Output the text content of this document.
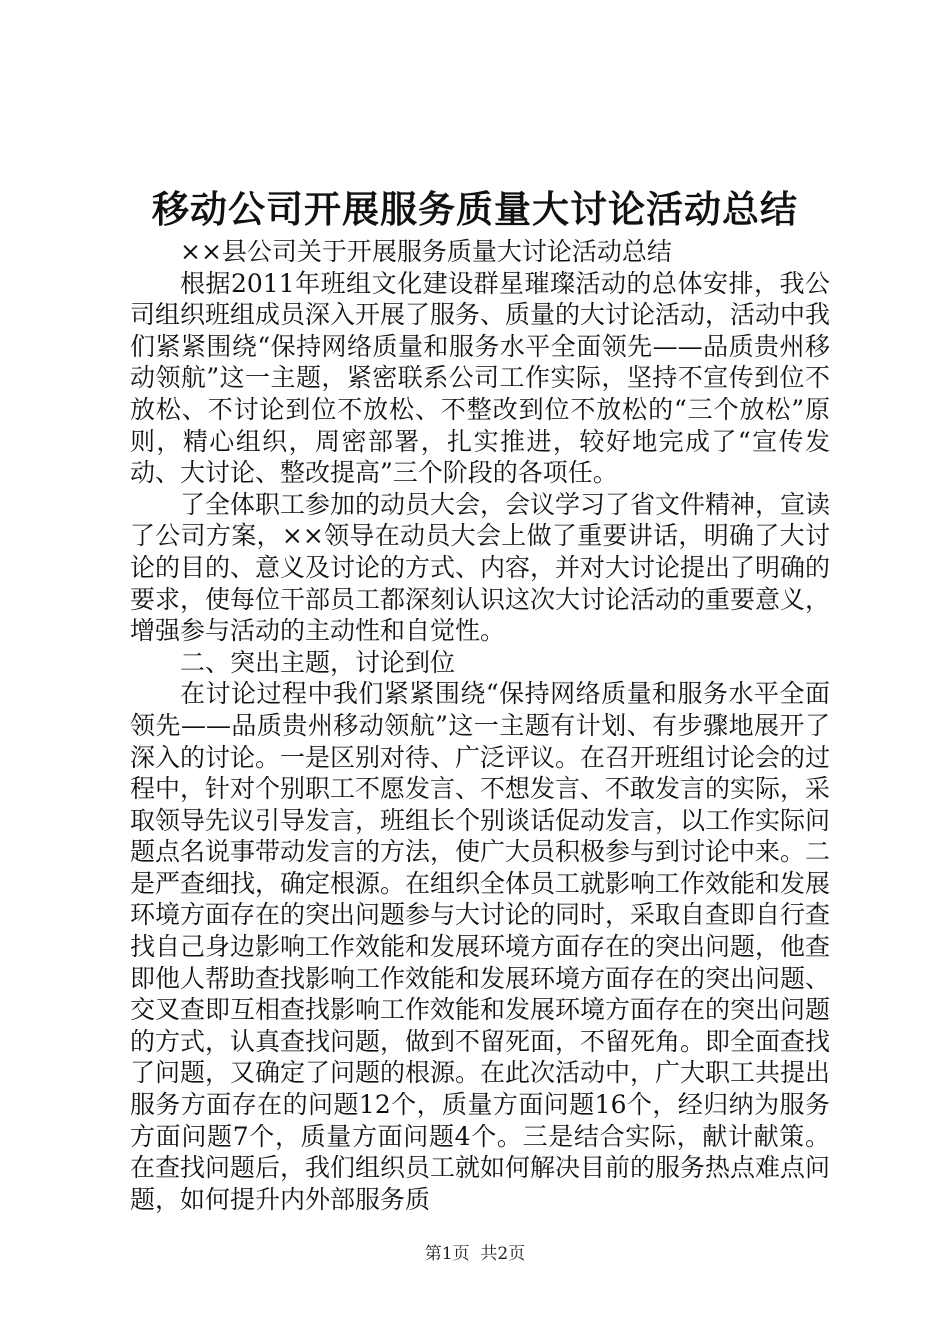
移动公司开展服务质量大讨论活动总结

××县公司关于开展服务质量大讨论活动总结

根据2011年班组文化建设群星璀璨活动的总体安排，我公司组织班组成员深入开展了服务、质量的大讨论活动，活动中我们紧紧围绕“保持网络质量和服务水平全面领先——品质贵州移动领航”这一主题，紧密联系公司工作实际，坚持不宣传到位不放松、不讨论到位不放松、不整改到位不放松的“三个放松”原则，精心组织，周密部署，扎实推进，较好地完成了“宣传发动、大讨论、整改提高”三个阶段的各项任。

了全体职工参加的动员大会，会议学习了省文件精神，宣读了公司方案，××领导在动员大会上做了重要讲话，明确了大讨论的目的、意义及讨论的方式、内容，并对大讨论提出了明确的要求，使每位干部员工都深刻认识这次大讨论活动的重要意义，增强参与活动的主动性和自觉性。

二、突出主题，讨论到位

在讨论过程中我们紧紧围绕“保持网络质量和服务水平全面领先——品质贵州移动领航”这一主题有计划、有步骤地展开了深入的讨论。一是区别对待、广泛评议。在召开班组讨论会的过程中，针对个别职工不愿发言、不想发言、不敢发言的实际，采取领导先议引导发言，班组长个别谈话促动发言，以工作实际问题点名说事带动发言的方法，使广大员积极参与到讨论中来。二是严查细找，确定根源。在组织全体员工就影响工作效能和发展环境方面存在的突出问题参与大讨论的同时，采取自查即自行查找自己身边影响工作效能和发展环境方面存在的突出问题，他查即他人帮助查找影响工作效能和发展环境方面存在的突出问题、交叉查即互相查找影响工作效能和发展环境方面存在的突出问题的方式，认真查找问题，做到不留死面，不留死角。即全面查找了问题，又确定了问题的根源。在此次活动中，广大职工共提出服务方面存在的问题12个，质量方面问题16个，经归纳为服务方面问题7个，质量方面问题4个。三是结合实际，献计献策。在查找问题后，我们组织员工就如何解决目前的服务热点难点问题，如何提升内外部服务质

第1页  共2页
